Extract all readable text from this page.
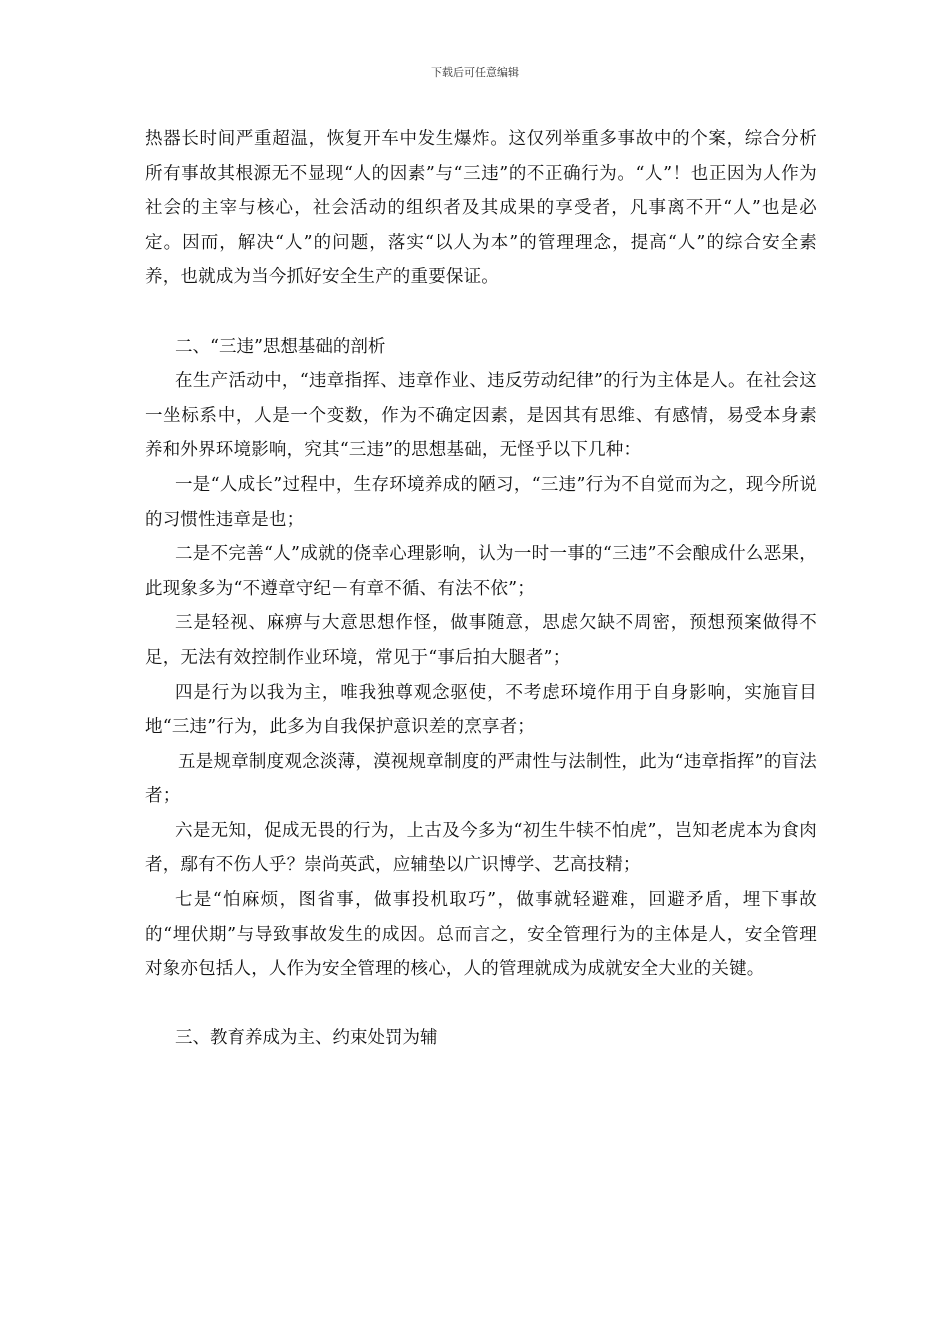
下载后可任意编辑

热器长时间严重超温，恢复开车中发生爆炸。这仅列举重多事故中的个案，综合分析所有事故其根源无不显现“人的因素”与“三违”的不正确行为。“人”！也正因为人作为社会的主宰与核心，社会活动的组织者及其成果的享受者，凡事离不开“人”也是必定。因而，解决“人”的问题，落实“以人为本”的管理理念，提高“人”的综合安全素养，也就成为当今抓好安全生产的重要保证。

二、“三违”思想基础的剖析

在生产活动中，“违章指挥、违章作业、违反劳动纪律”的行为主体是人。在社会这一坐标系中，人是一个变数，作为不确定因素，是因其有思维、有感情，易受本身素养和外界环境影响，究其“三违”的思想基础，无怪乎以下几种：

一是“人成长”过程中，生存环境养成的陋习，“三违”行为不自觉而为之，现今所说的习惯性违章是也；

二是不完善“人”成就的侥幸心理影响，认为一时一事的“三违”不会酿成什么恶果，此现象多为“不遵章守纪－有章不循、有法不依”；

三是轻视、麻痹与大意思想作怪，做事随意，思虑欠缺不周密，预想预案做得不足，无法有效控制作业环境，常见于“事后拍大腿者”；

四是行为以我为主，唯我独尊观念驱使，不考虑环境作用于自身影响，实施盲目地“三违”行为，此多为自我保护意识差的烹享者；

五是规章制度观念淡薄，漠视规章制度的严肃性与法制性，此为“违章指挥”的盲法者；

六是无知，促成无畏的行为，上古及今多为“初生牛犊不怕虎”，岂知老虎本为食肉者，鄢有不伤人乎？崇尚英武，应辅垫以广识博学、艺高技精；

七是“怕麻烦，图省事，做事投机取巧”，做事就轻避难，回避矛盾，埋下事故的“埋伏期”与导致事故发生的成因。总而言之，安全管理行为的主体是人，安全管理对象亦包括人，人作为安全管理的核心，人的管理就成为成就安全大业的关键。

三、教育养成为主、约束处罚为辅
